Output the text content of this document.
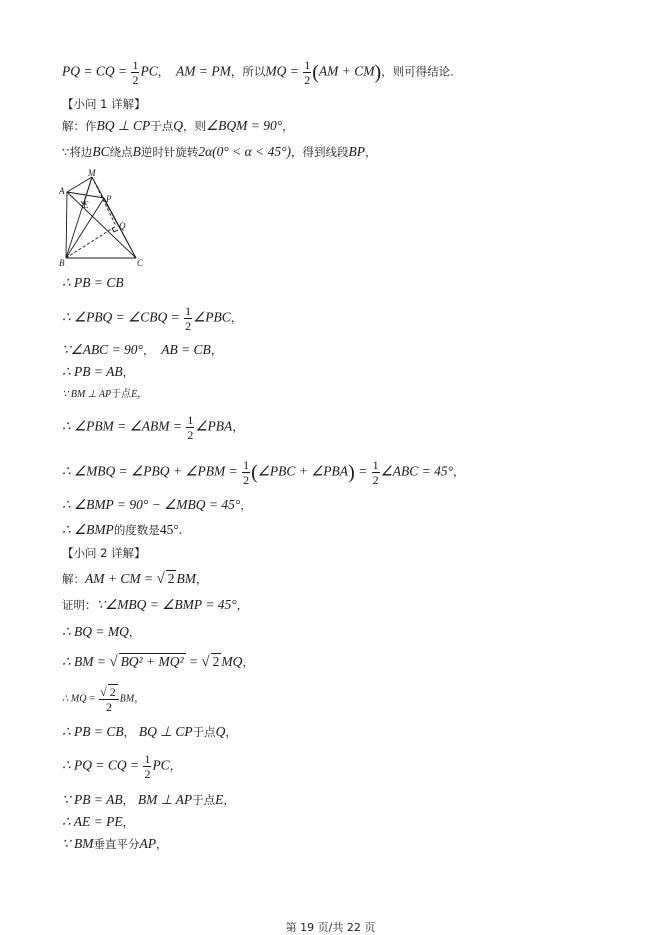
PQ = CQ = $\frac{1}{2}$ PC， AM = PM，所以MQ = $\frac{1}{2} (AM + CM)$，则可得结论.
【小问 1 详解】
解：作BQ ⊥ CP于点Q，则∠BQM = 90°，
∵将边BC绕点B逆时针旋转2α(0° < α < 45°)，得到线段BP，
A
M
E
P
Q
B	C
∴ PB = CB
∴ ∠PBQ = ∠CBQ = $\frac{1}{2}$ ∠PBC，
∵∠ABC = 90°， AB = CB，
∴ PB = AB，
∵ BM ⊥ AP于点E，
∴ ∠PBM = ∠ABM = $\frac{1}{2}$ ∠PBA，
∴ ∠MBQ = ∠PBQ + ∠PBM = $\frac{1}{2}$ (∠PBC + ∠PBA) = $\frac{1}{2}$ ∠ABC = 45°，
∴ ∠BMP = 90° − ∠MBQ = 45°，
∴ ∠BMP的度数是45°.
【小问 2 详解】
解：AM + CM = √ 2 BM，
证明：∵∠MBQ = ∠BMP = 45°，
∴ BQ = MQ，
∴ BM = √ BQ² + MQ² = √ 2 MQ，
∴ MQ = $\frac{√ 2}{2}$ BM，
∴ PB = CB， BQ ⊥ CP于点Q，
∴ PQ = CQ = $\frac{1}{2}$ PC，
∵ PB = AB， BM ⊥ AP于点E，
∴ AE = PE，
∵ BM垂直平分AP，
第 19 页/共 22 页
